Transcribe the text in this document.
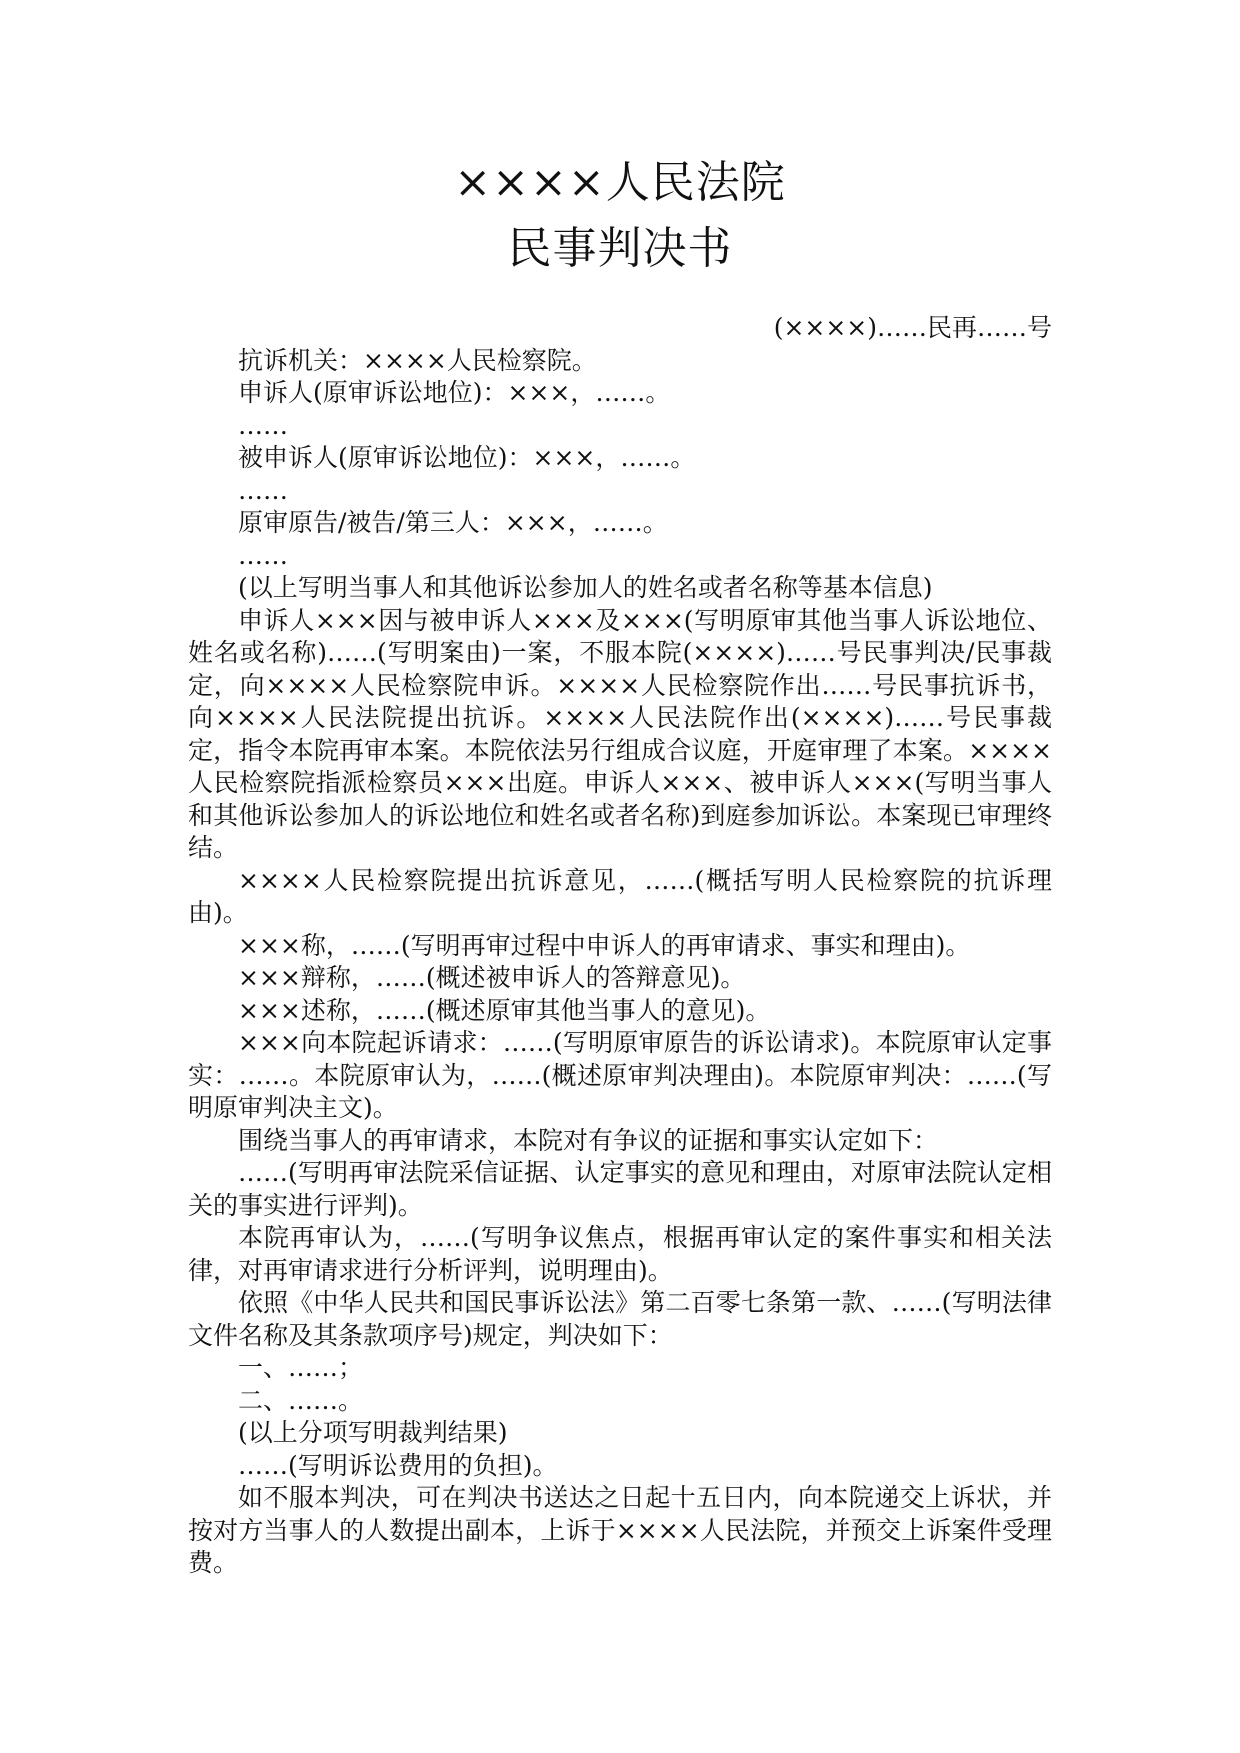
××××人民法院
民事判决书
(××××)……民再……号

抗诉机关：××××人民检察院。

申诉人(原审诉讼地位)：×××，……。

……

被申诉人(原审诉讼地位)：×××，……。

……

原审原告/被告/第三人：×××，……。

……

(以上写明当事人和其他诉讼参加人的姓名或者名称等基本信息)

申诉人×××因与被申诉人×××及×××(写明原审其他当事人诉讼地位、姓名或名称)……(写明案由)一案，不服本院(××××)……号民事判决/民事裁定，向××××人民检察院申诉。××××人民检察院作出……号民事抗诉书，向××××人民法院提出抗诉。××××人民法院作出(××××)……号民事裁定，指令本院再审本案。本院依法另行组成合议庭，开庭审理了本案。××××人民检察院指派检察员×××出庭。申诉人×××、被申诉人×××(写明当事人和其他诉讼参加人的诉讼地位和姓名或者名称)到庭参加诉讼。本案现已审理终结。

××××人民检察院提出抗诉意见，……(概括写明人民检察院的抗诉理由)。

×××称，……(写明再审过程中申诉人的再审请求、事实和理由)。

×××辩称，……(概述被申诉人的答辩意见)。

×××述称，……(概述原审其他当事人的意见)。

×××向本院起诉请求：……(写明原审原告的诉讼请求)。本院原审认定事实：……。本院原审认为，……(概述原审判决理由)。本院原审判决：……(写明原审判决主文)。

围绕当事人的再审请求，本院对有争议的证据和事实认定如下：

……(写明再审法院采信证据、认定事实的意见和理由，对原审法院认定相关的事实进行评判)。

本院再审认为，……(写明争议焦点，根据再审认定的案件事实和相关法律，对再审请求进行分析评判，说明理由)。

依照《中华人民共和国民事诉讼法》第二百零七条第一款、……(写明法律文件名称及其条款项序号)规定，判决如下：

一、……；

二、……。

(以上分项写明裁判结果)

……(写明诉讼费用的负担)。

如不服本判决，可在判决书送达之日起十五日内，向本院递交上诉状，并按对方当事人的人数提出副本，上诉于××××人民法院，并预交上诉案件受理费。
